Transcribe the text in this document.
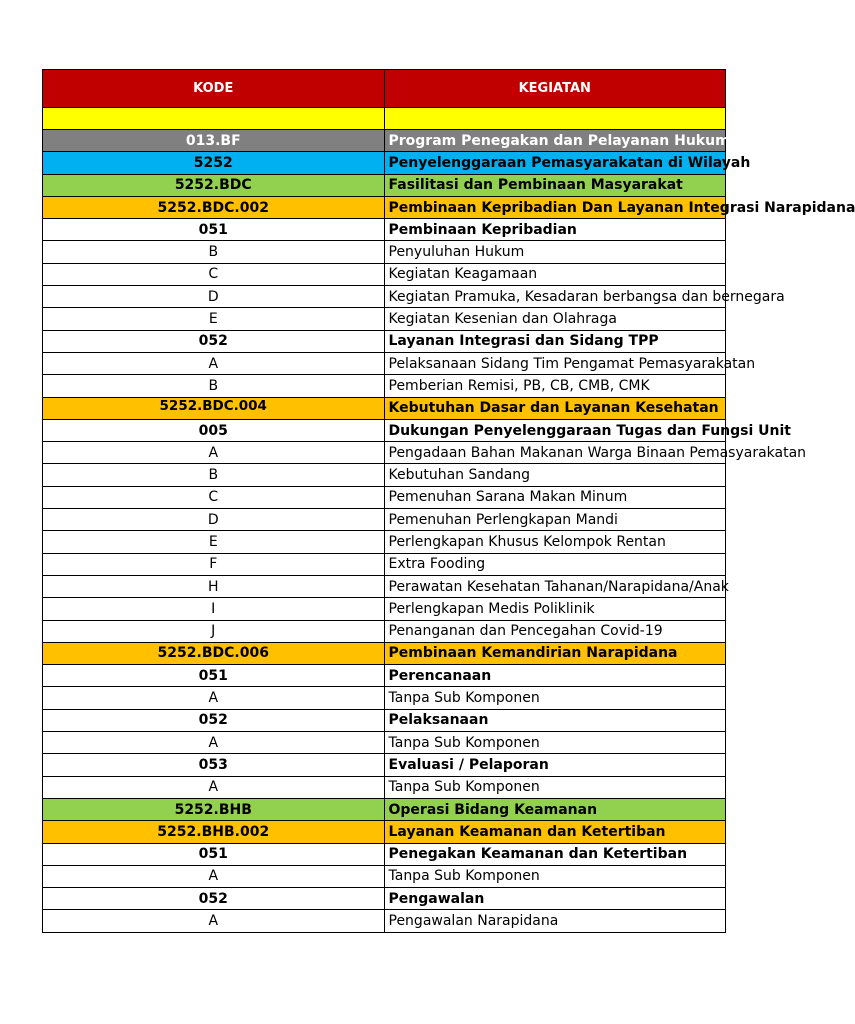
KODE	KEGIATAN

013.BF	Program Penegakan dan Pelayanan Hukum
5252	Penyelenggaraan Pemasyarakatan di Wilayah
5252.BDC	Fasilitasi dan Pembinaan Masyarakat
5252.BDC.002	Pembinaan Kepribadian Dan Layanan Integrasi Narapidana
051	Pembinaan Kepribadian
B	Penyuluhan Hukum
C	Kegiatan Keagamaan
D	Kegiatan Pramuka, Kesadaran berbangsa dan bernegara
E	Kegiatan Kesenian dan Olahraga
052	Layanan Integrasi dan Sidang TPP
A	Pelaksanaan Sidang Tim Pengamat Pemasyarakatan
B	Pemberian Remisi, PB, CB, CMB, CMK

5252.BDC.004	Kebutuhan Dasar dan Layanan Kesehatan
005	Dukungan Penyelenggaraan Tugas dan Fungsi Unit
A	Pengadaan Bahan Makanan Warga Binaan Pemasyarakatan
B	Kebutuhan Sandang
C	Pemenuhan Sarana Makan Minum
D	Pemenuhan Perlengkapan Mandi
E	Perlengkapan Khusus Kelompok Rentan
F	Extra Fooding
H	Perawatan Kesehatan Tahanan/Narapidana/Anak
I	Perlengkapan Medis Poliklinik
J	Penanganan dan Pencegahan Covid-19
5252.BDC.006	Pembinaan Kemandirian Narapidana
051	Perencanaan
A	Tanpa Sub Komponen
052	Pelaksanaan
A	Tanpa Sub Komponen
053	Evaluasi / Pelaporan
A	Tanpa Sub Komponen
5252.BHB	Operasi Bidang Keamanan
5252.BHB.002	Layanan Keamanan dan Ketertiban
051	Penegakan Keamanan dan Ketertiban
A	Tanpa Sub Komponen
052	Pengawalan
A	Pengawalan Narapidana
